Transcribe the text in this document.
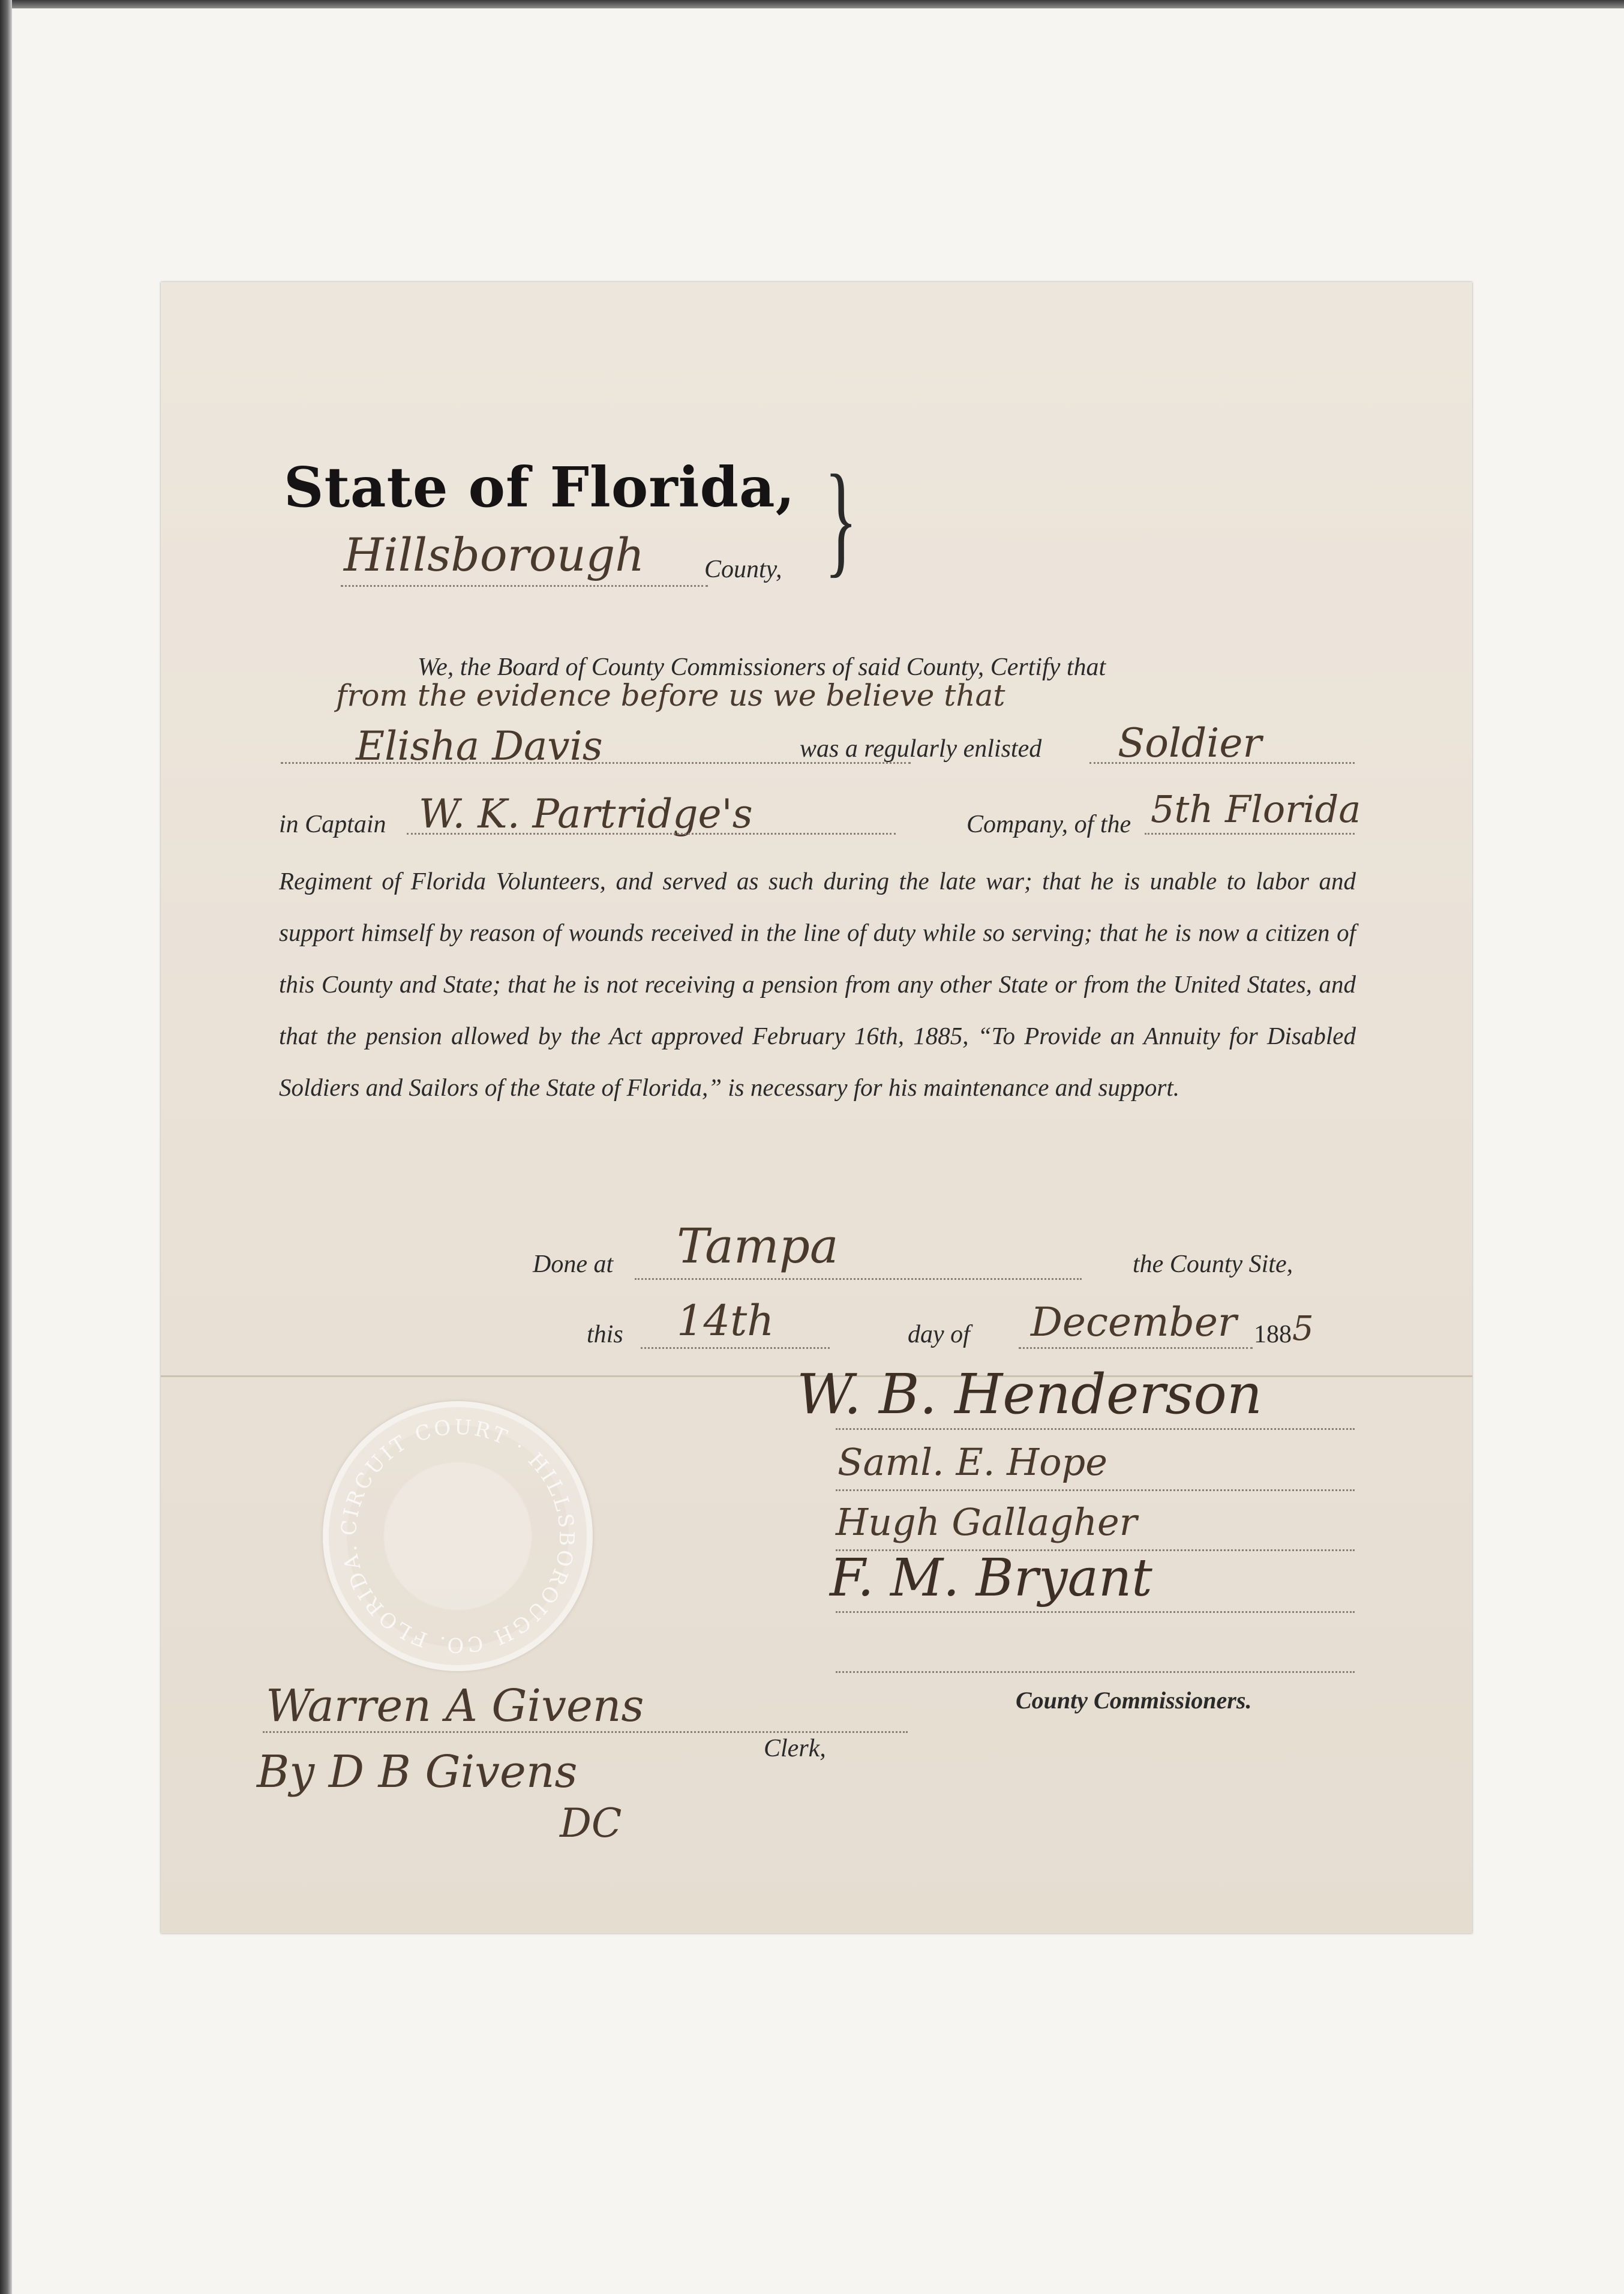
State of Florida, }
Hillsborough County,
We, the Board of County Commissioners of said County, Certify that
from the evidence before us we believe that
Elisha Davis	was a regularly enlisted Soldier
in Captain W. K. Partridge's	Company, of the 5th Florida
Regiment of Florida Volunteers, and served as such during the late war; that he is unable to labor and support himself by reason of wounds received in the line of duty while so serving; that he is now a citizen of this County and State; that he is not receiving a pension from any other State or from the United States, and that the pension allowed by the Act approved February 16th, 1885, “To Provide an Annuity for Disabled Soldiers and Sailors of the State of Florida,” is necessary for his maintenance and support.
Done at Tampa	the County Site,
this 14th	day of December 188 5
W. B. Henderson
Saml. E. Hope
Hugh Gallagher
F. M. Bryant
County Commissioners.
CIRCUIT COURT · HILLSBOROUGH CO. FLORIDA.
Warren A Givens
Clerk,
By D B Givens
DC
